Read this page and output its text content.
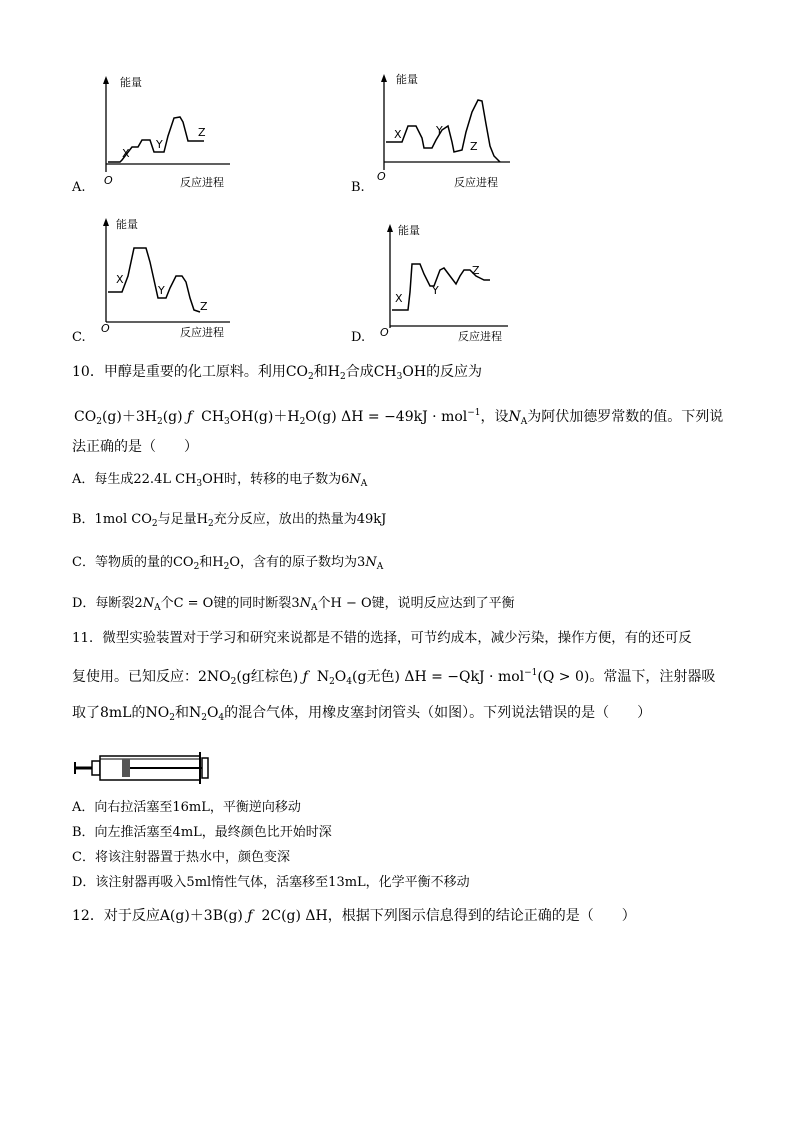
能量
O	反应进程
X
Y
Z
A.
能量
O	反应进程
X	Y
Z
B.
能量
O	反应进程
X
Y
Z
C.
能量
O	反应进程
X
Y
Z
D.
10．甲醇是重要的化工原料。利用$CO_2$和$H_2$合成$CH_3OH$的反应为
$CO_2(g)+3H_2(g)$ ƒ $CH_3OH(g)+H_2O(g) \Delta H = -49kJ \cdot mol^{-1}$，设$N_A$为阿伏加德罗常数的值。下列说
法正确的是（　　）
A．每生成22.4L $CH_3OH$时，转移的电子数为$6N_A$
B．1mol $CO_2$与足量$H_2$充分反应，放出的热量为49kJ
C．等物质的量的$CO_2$和$H_2O$，含有的原子数均为$3N_A$
D．每断裂$2N_A$个C = O键的同时断裂$3N_A$个H − O键，说明反应达到了平衡
11．微型实验装置对于学习和研究来说都是不错的选择，可节约成本，减少污染，操作方便，有的还可反
复使用。已知反应：$2NO_2(g$红棕色) ƒ $N_2O_4(g$无色) ΔH = −QkJ · mol$^{-1}$(Q > 0)。常温下，注射器吸
取了8mL的$NO_2$和$N_2O_4$的混合气体，用橡皮塞封闭管头（如图）。下列说法错误的是（　　）
A．向右拉活塞至16mL，平衡逆向移动
B．向左推活塞至4mL，最终颜色比开始时深
C．将该注射器置于热水中，颜色变深
D．该注射器再吸入5ml惰性气体，活塞移至13mL，化学平衡不移动
12．对于反应A(g)＋3B(g) ƒ 2C(g) ΔH，根据下列图示信息得到的结论正确的是（　　）
